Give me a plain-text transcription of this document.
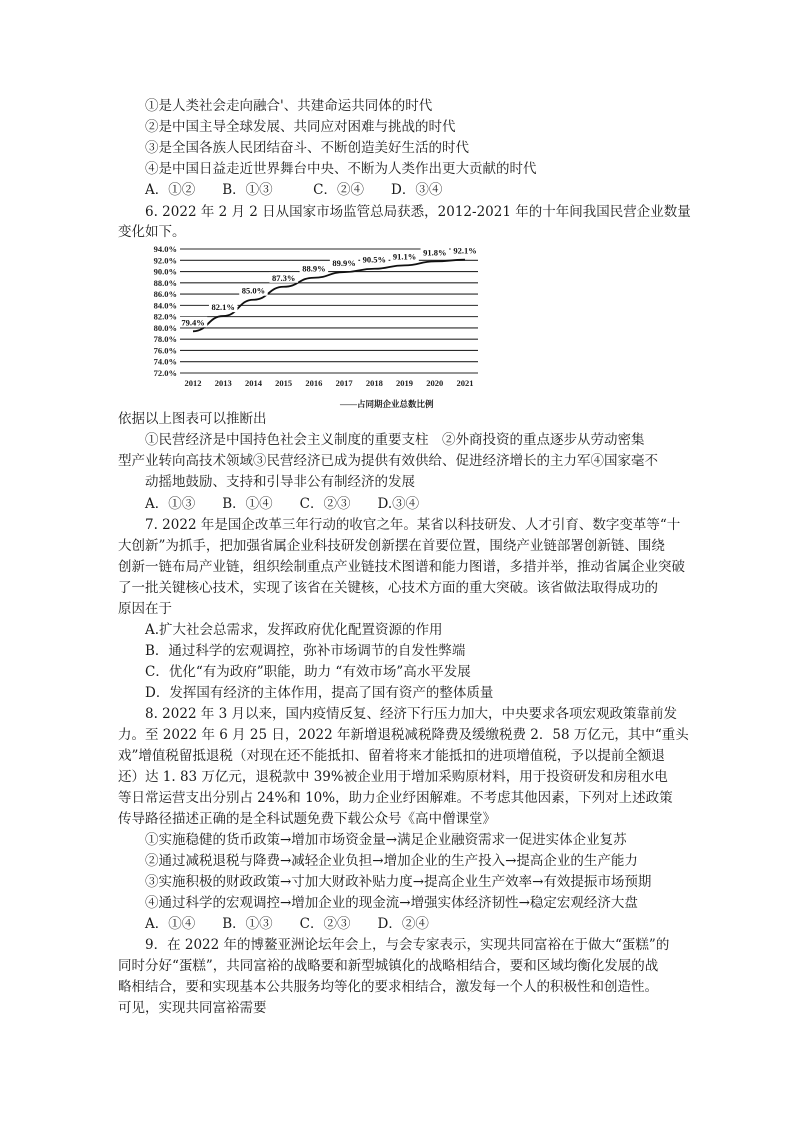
①是人类社会走向融合'、共建命运共同体的时代
②是中国主导全球发展、共同应对困难与挑战的时代
③是全国各族人民团结奋斗、不断创造美好生活的时代
④是中国日益走近世界舞台中央、不断为人类作出更大贡献的时代
A．①②　　B．①③　　　C．②④　　D．③④
6. 2022 年 2 月 2 日从国家市场监管总局获悉，2012-2021 年的十年间我国民营企业数量
变化如下。
94.0%
92.0%
90.0%
88.0%
86.0%
84.0%
82.0%
80.0%
78.0%
76.0%
74.0%
72.0%
2012 2013 2014 2015 2016 2017 2018 2019 2020 2021
79.4%
82.1%
85.0%
87.3%
88.9%
89.9% 90.5% 91.1% 91.8% 92.1%
——占同期企业总数比例
依据以上图表可以推断出
①民营经济是中国持色社会主义制度的重要支柱　②外商投资的重点逐步从劳动密集
型产业转向高技术领域③民营经济已成为提供有效供给、促进经济增长的主力军④国家毫不
动摇地鼓励、支持和引导非公有制经济的发展
A．①③　　B．①④　　C．②③　　D.③④
7. 2022 年是国企改革三年行动的收官之年。某省以科技研发、人才引育、数字变革等“十
大创新”为抓手，把加强省属企业科技研发创新摆在首要位置，围绕产业链部署创新链、围绕
创新一链布局产业链，组织绘制重点产业链技术图谱和能力图谱，多措并举，推动省属企业突破
了一批关键核心技术，实现了该省在关键核，心技术方面的重大突破。该省做法取得成功的
原因在于
A.扩大社会总需求，发挥政府优化配置资源的作用
B．通过科学的宏观调控，弥补市场调节的自发性弊端
C．优化“有为政府”职能，助力 “有效市场”高水平发展
D．发挥国有经济的主体作用，提高了国有资产的整体质量
8. 2022 年 3 月以来，国内疫情反复、经济下行压力加大，中央要求各项宏观政策靠前发
力。至 2022 年 6 月 25 日，2022 年新增退税减税降费及缓缴税费 2．58 万亿元，其中“重头
戏”增值税留抵退税（对现在还不能抵扣、留着将来才能抵扣的进项增值税，予以提前全额退
还）达 1. 83 万亿元，退税款中 39%被企业用于增加采购原材料，用于投资研发和房租水电
等日常运营支出分别占 24%和 10%，助力企业纾困解难。不考虑其他因素，下列对上述政策
传导路径描述正确的是全科试题免费下载公众号《高中僧课堂》
①实施稳健的货币政策→增加市场资金量→满足企业融资需求一促进实体企业复苏
②通过减税退税与降费→减轻企业负担→增加企业的生产投入→提高企业的生产能力
③实施积极的财政政策→寸加大财政补贴力度→提高企业生产效率→有效提振市场预期
④通过科学的宏观调控→增加企业的现金流→增强实体经济韧性→稳定宏观经济大盘
A．①④　　B．①③　　C．②③　　D．②④
9．在 2022 年的博鳌亚洲论坛年会上，与会专家表示，实现共同富裕在于做大“蛋糕”的
同时分好“蛋糕”，共同富裕的战略要和新型城镇化的战略相结合，要和区域均衡化发展的战
略相结合，要和实现基本公共服务均等化的要求相结合，激发每一个人的积极性和创造性。
可见，实现共同富裕需要
